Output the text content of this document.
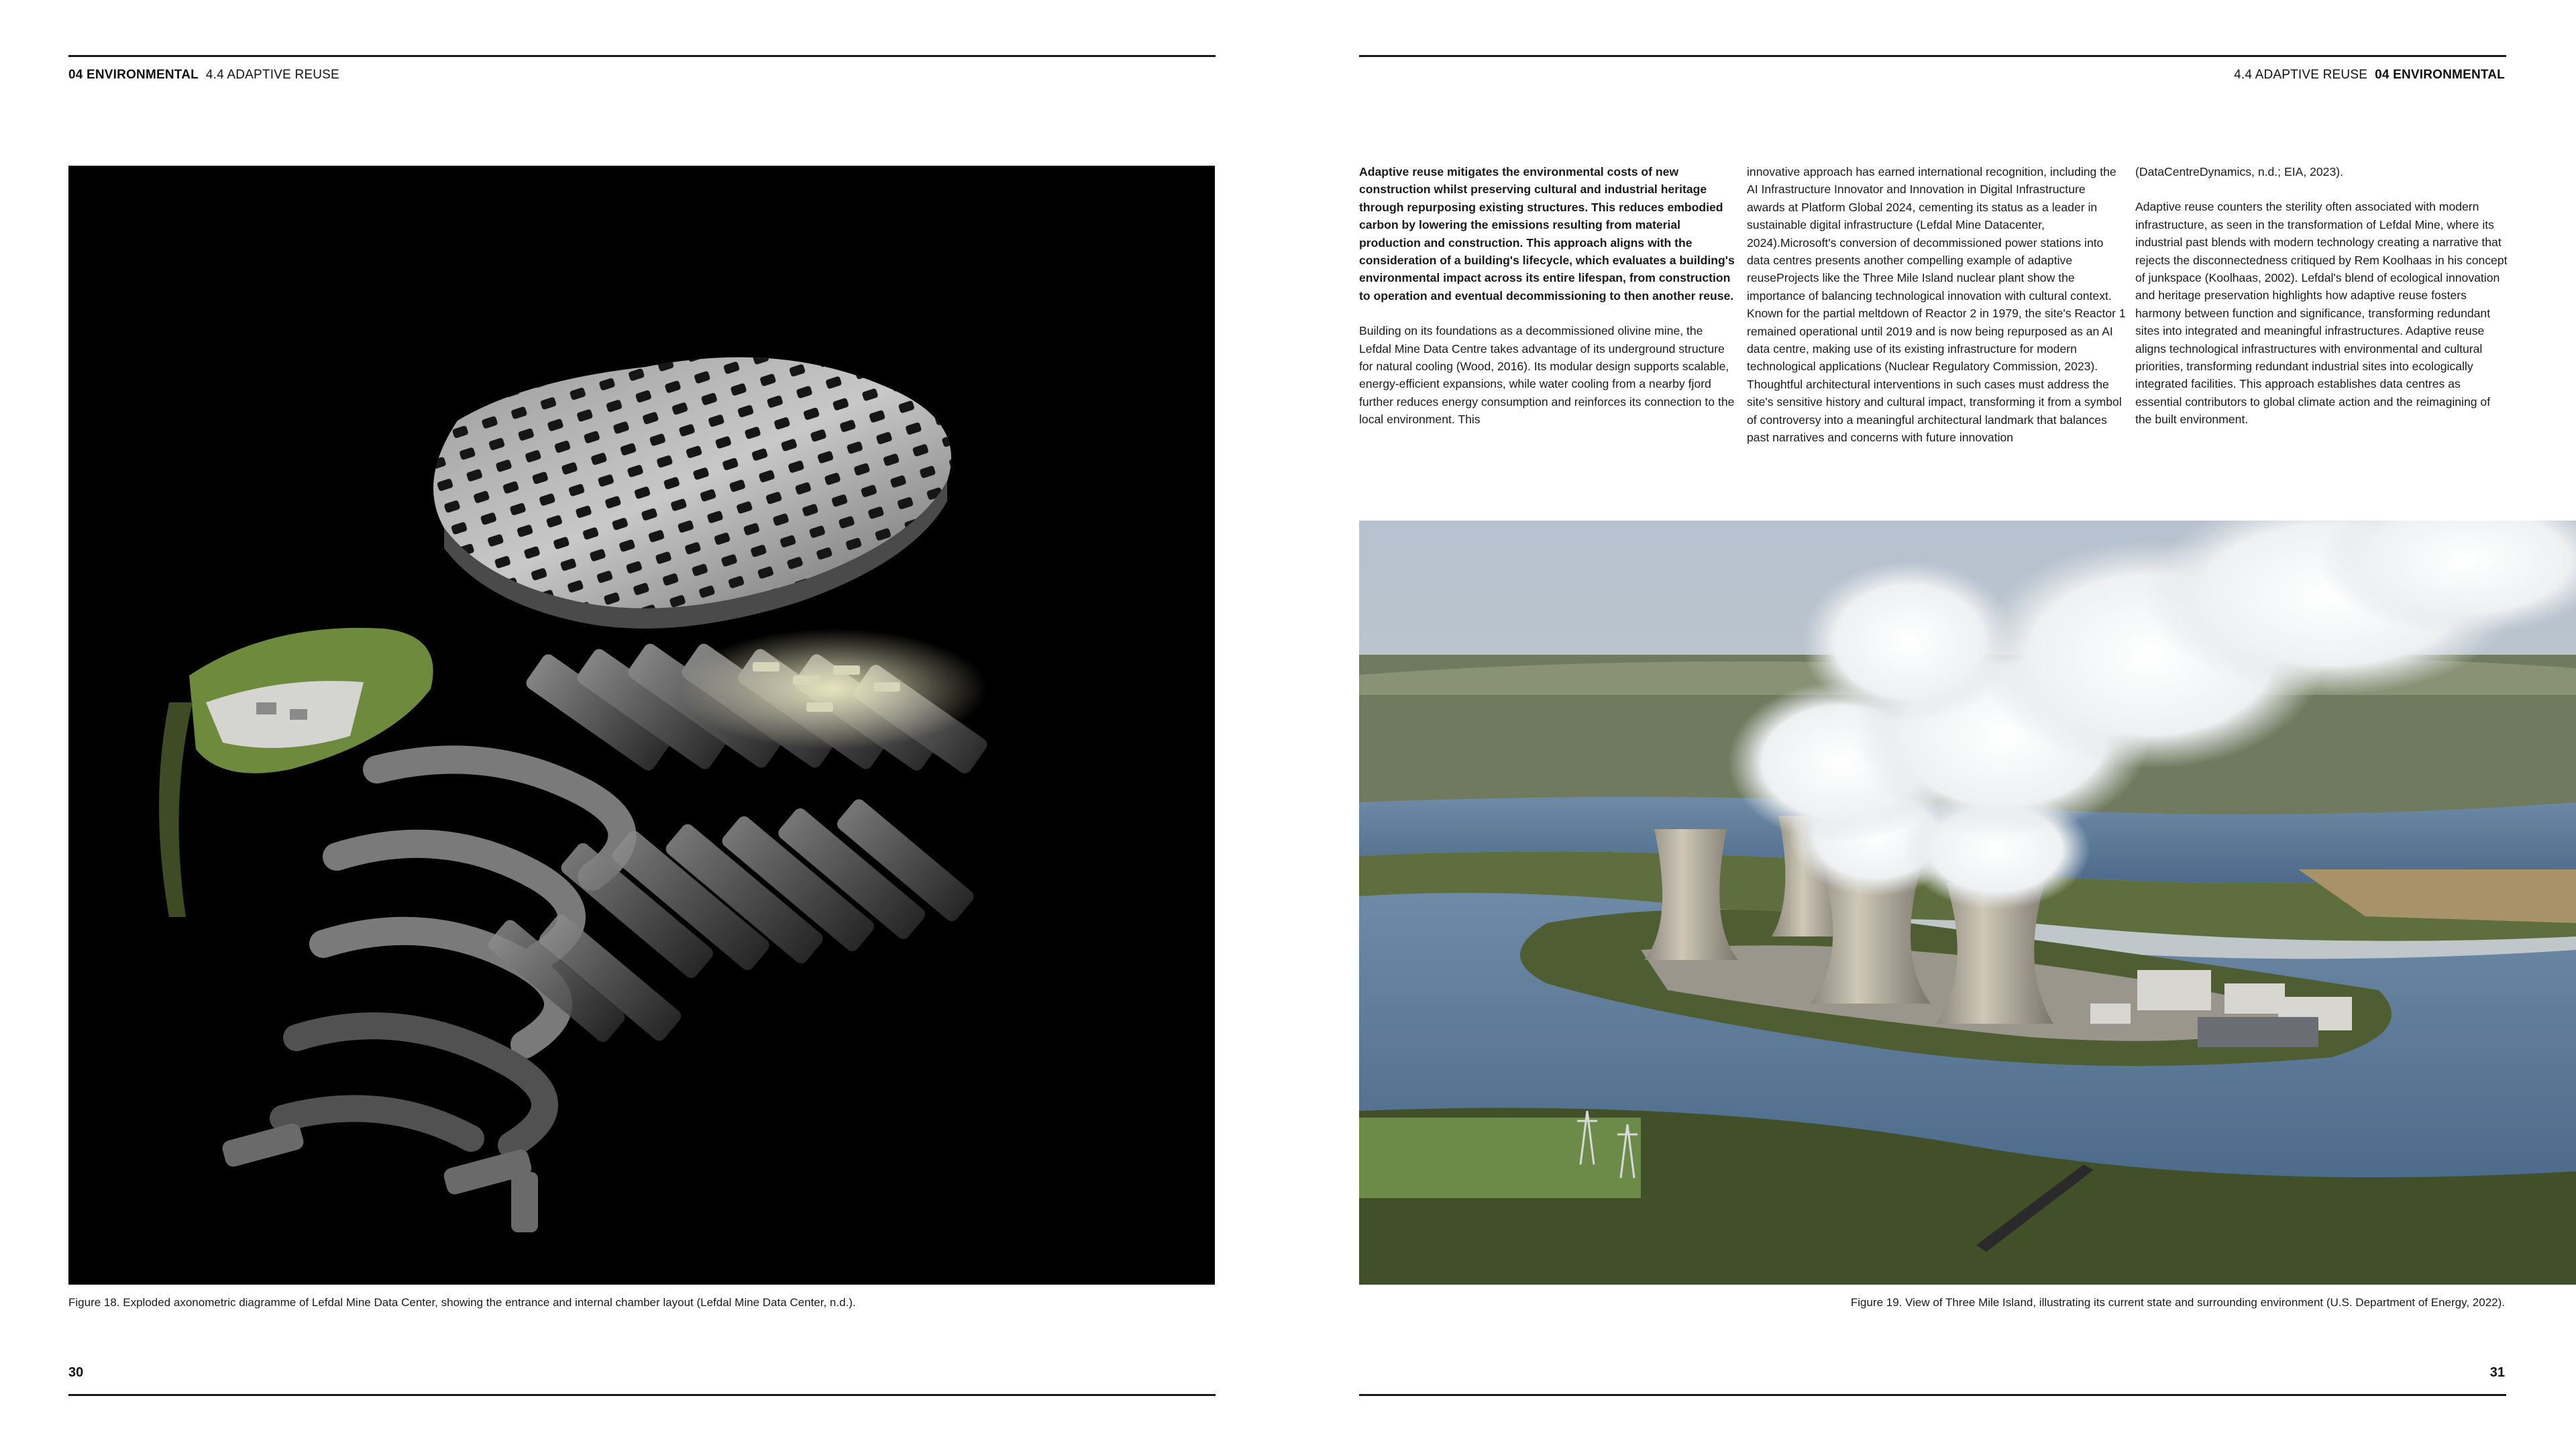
04 ENVIRONMENTAL 4.4 ADAPTIVE REUSE
Figure 18. Exploded axonometric diagramme of Lefdal Mine Data Center, showing the entrance and internal chamber layout (Lefdal Mine Data Center, n.d.).
30
4.4 ADAPTIVE REUSE 04 ENVIRONMENTAL

Adaptive reuse mitigates the environmental costs of new construction whilst preserving cultural and industrial heritage through repurposing existing structures. This reduces embodied carbon by lowering the emissions resulting from material production and construction. This approach aligns with the consideration of a building's lifecycle, which evaluates a building's environmental impact across its entire lifespan, from construction to operation and eventual decommissioning to then another reuse.

Building on its foundations as a decommissioned olivine mine, the Lefdal Mine Data Centre takes advantage of its underground structure for natural cooling (Wood, 2016). Its modular design supports scalable, energy-efficient expansions, while water cooling from a nearby fjord further reduces energy consumption and reinforces its connection to the local environment. This

innovative approach has earned international recognition, including the AI Infrastructure Innovator and Innovation in Digital Infrastructure awards at Platform Global 2024, cementing its status as a leader in sustainable digital infrastructure (Lefdal Mine Datacenter, 2024).Microsoft's conversion of decommissioned power stations into data centres presents another compelling example of adaptive reuseProjects like the Three Mile Island nuclear plant show the importance of balancing technological innovation with cultural context. Known for the partial meltdown of Reactor 2 in 1979, the site's Reactor 1 remained operational until 2019 and is now being repurposed as an AI data centre, making use of its existing infrastructure for modern technological applications (Nuclear Regulatory Commission, 2023). Thoughtful architectural interventions in such cases must address the site's sensitive history and cultural impact, transforming it from a symbol of controversy into a meaningful architectural landmark that balances past narratives and concerns with future innovation

(DataCentreDynamics, n.d.; EIA, 2023).

Adaptive reuse counters the sterility often associated with modern infrastructure, as seen in the transformation of Lefdal Mine, where its industrial past blends with modern technology creating a narrative that rejects the disconnectedness critiqued by Rem Koolhaas in his concept of junkspace (Koolhaas, 2002). Lefdal's blend of ecological innovation and heritage preservation highlights how adaptive reuse fosters harmony between function and significance, transforming redundant sites into integrated and meaningful infrastructures. Adaptive reuse aligns technological infrastructures with environmental and cultural priorities, transforming redundant industrial sites into ecologically integrated facilities. This approach establishes data centres as essential contributors to global climate action and the reimagining of the built environment.

Figure 19. View of Three Mile Island, illustrating its current state and surrounding environment (U.S. Department of Energy, 2022).
31
